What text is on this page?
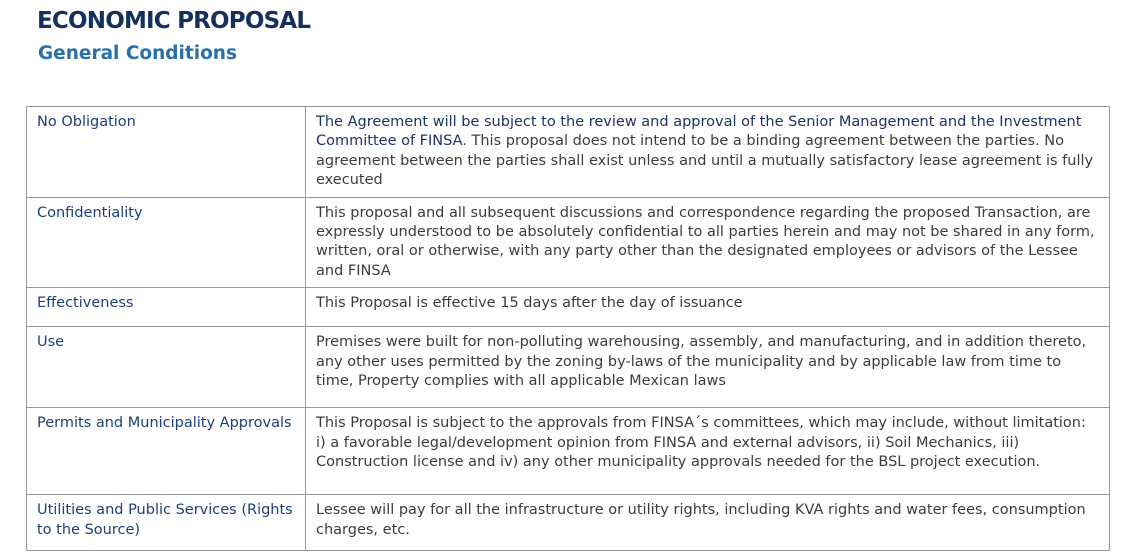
ECONOMIC PROPOSAL
General Conditions
No Obligation	The Agreement will be subject to the review and approval of the Senior Management and the Investment Committee of FINSA. This proposal does not intend to be a binding agreement between the parties. No agreement between the parties shall exist unless and until a mutually satisfactory lease agreement is fully executed
Confidentiality	This proposal and all subsequent discussions and correspondence regarding the proposed Transaction, are expressly understood to be absolutely confidential to all parties herein and may not be shared in any form, written, oral or otherwise, with any party other than the designated employees or advisors of the Lessee and FINSA
Effectiveness	This Proposal is effective 15 days after the day of issuance
Use	Premises were built for non-polluting warehousing, assembly, and manufacturing, and in addition thereto, any other uses permitted by the zoning by-laws of the municipality and by applicable law from time to time, Property complies with all applicable Mexican laws
Permits and Municipality Approvals	This Proposal is subject to the approvals from FINSA´s committees, which may include, without limitation: i) a favorable legal/development opinion from FINSA and external advisors, ii) Soil Mechanics, iii) Construction license and iv) any other municipality approvals needed for the BSL project execution.
Utilities and Public Services (Rights to the Source)	Lessee will pay for all the infrastructure or utility rights, including KVA rights and water fees, consumption charges, etc.
